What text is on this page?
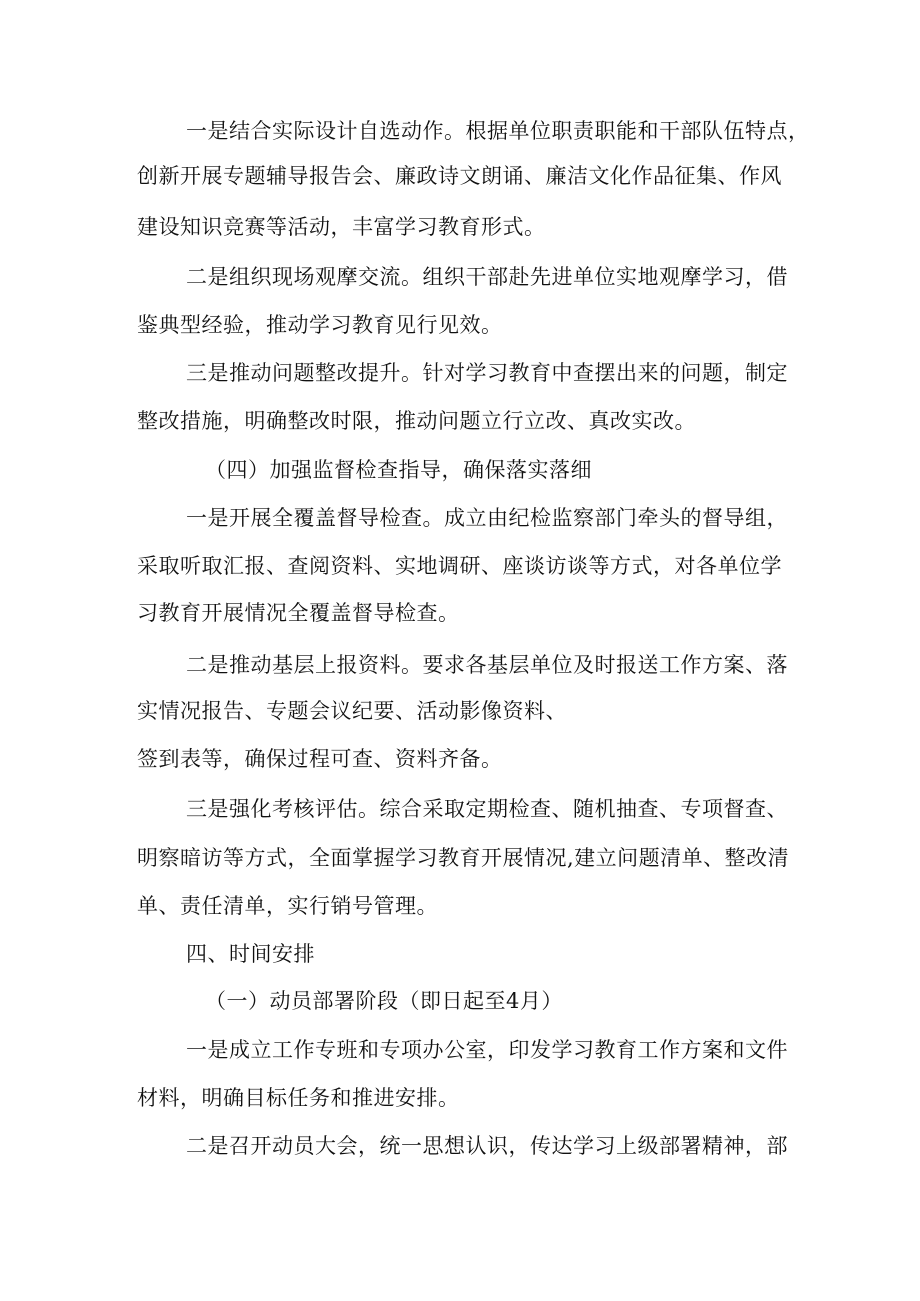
一是结合实际设计自选动作。根据单位职责职能和干部队伍特点，
创新开展专题辅导报告会、廉政诗文朗诵、廉洁文化作品征集、作风
建设知识竞赛等活动，丰富学习教育形式。
二是组织现场观摩交流。组织干部赴先进单位实地观摩学习，借
鉴典型经验，推动学习教育见行见效。
三是推动问题整改提升。针对学习教育中查摆出来的问题，制定
整改措施，明确整改时限，推动问题立行立改、真改实改。
（四）加强监督检查指导，确保落实落细
一是开展全覆盖督导检查。成立由纪检监察部门牵头的督导组，
采取听取汇报、查阅资料、实地调研、座谈访谈等方式，对各单位学
习教育开展情况全覆盖督导检查。
二是推动基层上报资料。要求各基层单位及时报送工作方案、落
实情况报告、专题会议纪要、活动影像资料、
签到表等，确保过程可查、资料齐备。
三是强化考核评估。综合采取定期检查、随机抽查、专项督查、
明察暗访等方式，全面掌握学习教育开展情况,建立问题清单、整改清
单、责任清单，实行销号管理。
四、时间安排
（一）动员部署阶段（即日起至4月）
一是成立工作专班和专项办公室，印发学习教育工作方案和文件
材料，明确目标任务和推进安排。
二是召开动员大会，统一思想认识，传达学习上级部署精神，部
